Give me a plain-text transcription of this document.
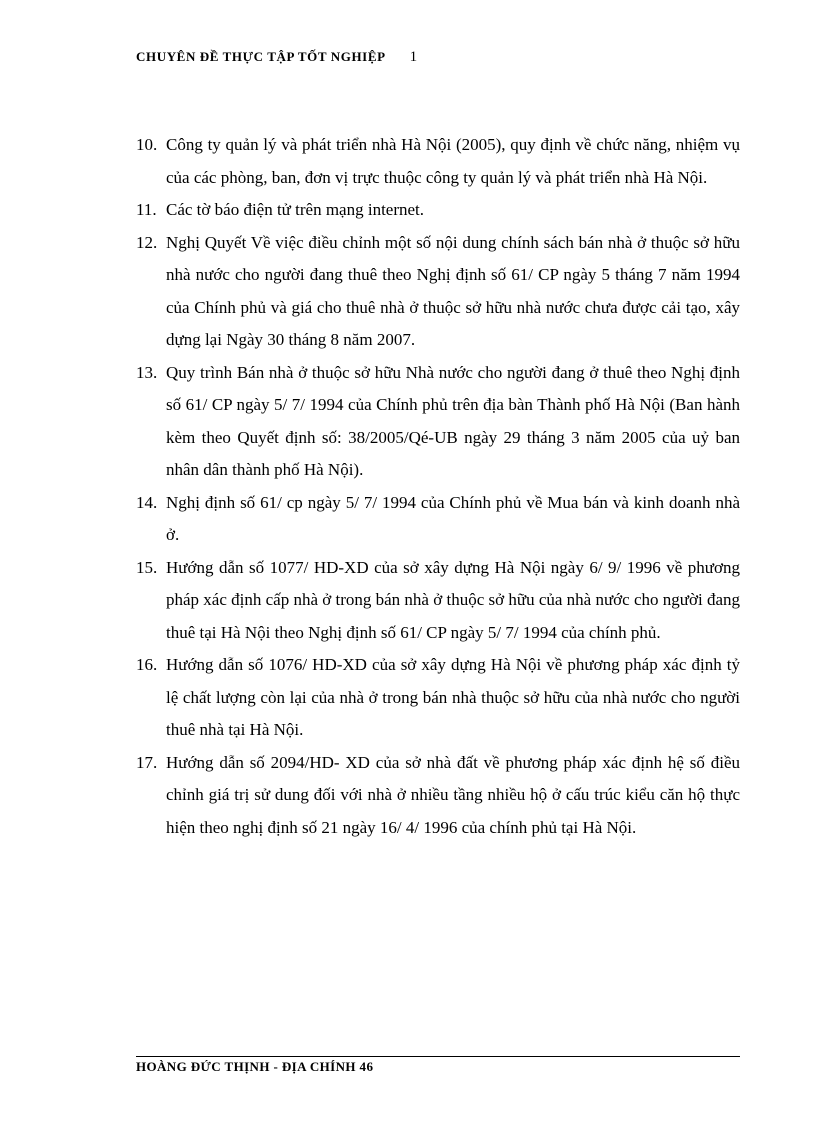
CHUYÊN ĐỀ THỰC TẬP TỐT NGHIỆP 1
10. Công ty quản lý và phát triển nhà Hà Nội (2005), quy định về chức năng, nhiệm vụ của các phòng, ban, đơn vị trực thuộc công ty quản lý và phát triển nhà Hà Nội.
11. Các tờ báo điện tử trên mạng internet.
12. Nghị Quyết Về việc điều chỉnh một số nội dung chính sách bán nhà ở thuộc sở hữu nhà nước cho người đang thuê theo Nghị định số 61/ CP ngày 5 tháng 7 năm 1994 của Chính phủ và giá cho thuê nhà ở thuộc sở hữu nhà nước chưa được cải tạo, xây dựng lại Ngày 30 tháng 8 năm 2007.
13. Quy trình Bán nhà ở thuộc sở hữu Nhà nước cho người đang ở thuê theo Nghị định số 61/ CP ngày 5/ 7/ 1994 của Chính phủ trên địa bàn Thành phố Hà Nội (Ban hành kèm theo Quyết định số: 38/2005/Qé-UB ngày 29 tháng 3 năm 2005 của uỷ ban nhân dân thành phố Hà Nội).
14. Nghị định số 61/ cp ngày 5/ 7/ 1994 của Chính phủ về Mua bán và kinh doanh nhà ở.
15. Hướng dẫn số 1077/ HD-XD của sở xây dựng Hà Nội ngày 6/ 9/ 1996 về phương pháp xác định cấp nhà ở trong bán nhà ở thuộc sở hữu của nhà nước cho người đang thuê tại Hà Nội theo Nghị định số 61/ CP ngày 5/ 7/ 1994 của chính phủ.
16. Hướng dẫn số 1076/ HD-XD của sở xây dựng Hà Nội về phương pháp xác định tỷ lệ chất lượng còn lại của nhà ở trong bán nhà thuộc sở hữu của nhà nước cho người thuê nhà tại Hà Nội.
17. Hướng dẫn số 2094/HD- XD của sở nhà đất về phương pháp xác định hệ số điều chỉnh giá trị sử dung đối với nhà ở nhiều tầng nhiều hộ ở cấu trúc kiểu căn hộ thực hiện theo nghị định số 21 ngày 16/ 4/ 1996 của chính phủ tại Hà Nội.
HOÀNG ĐỨC THỊNH - ĐỊA CHÍNH 46
